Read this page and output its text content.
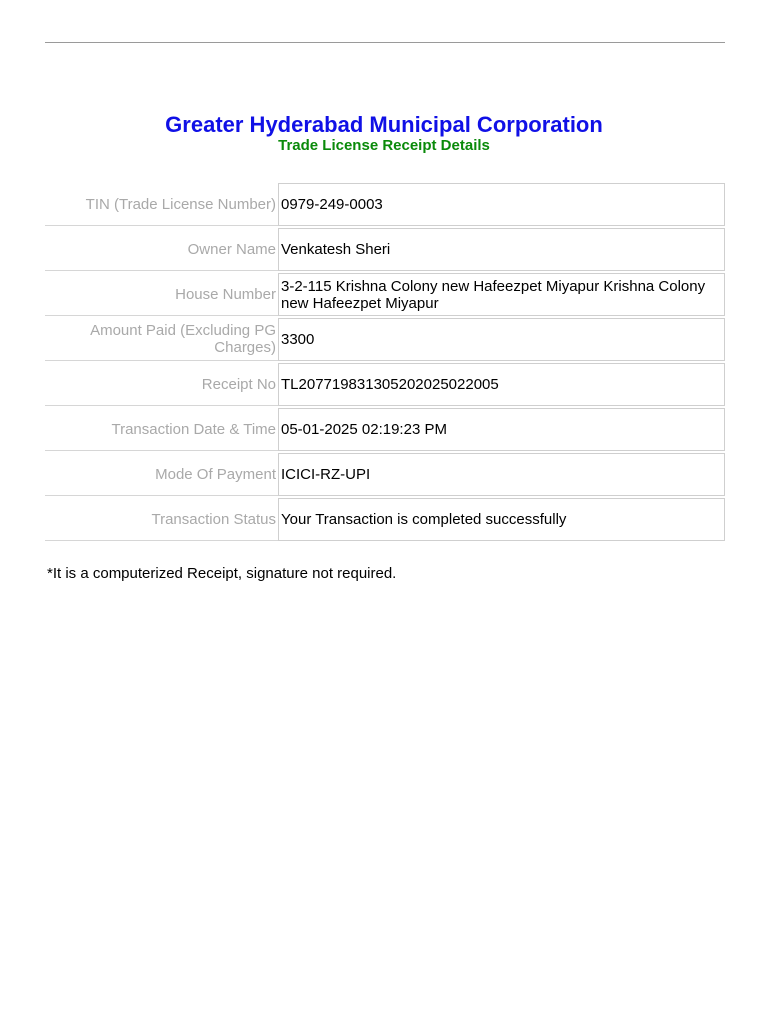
Greater Hyderabad Municipal Corporation
Trade License Receipt Details
TIN (Trade License Number)	0979-249-0003
Owner Name	Venkatesh Sheri
House Number	3-2-115 Krishna Colony new Hafeezpet Miyapur Krishna Colony new Hafeezpet Miyapur
Amount Paid (Excluding PG Charges)	3300
Receipt No	TL207719831305202025022005
Transaction Date & Time	05-01-2025 02:19:23 PM
Mode Of Payment	ICICI-RZ-UPI
Transaction Status	Your Transaction is completed successfully
*It is a computerized Receipt, signature not required.
